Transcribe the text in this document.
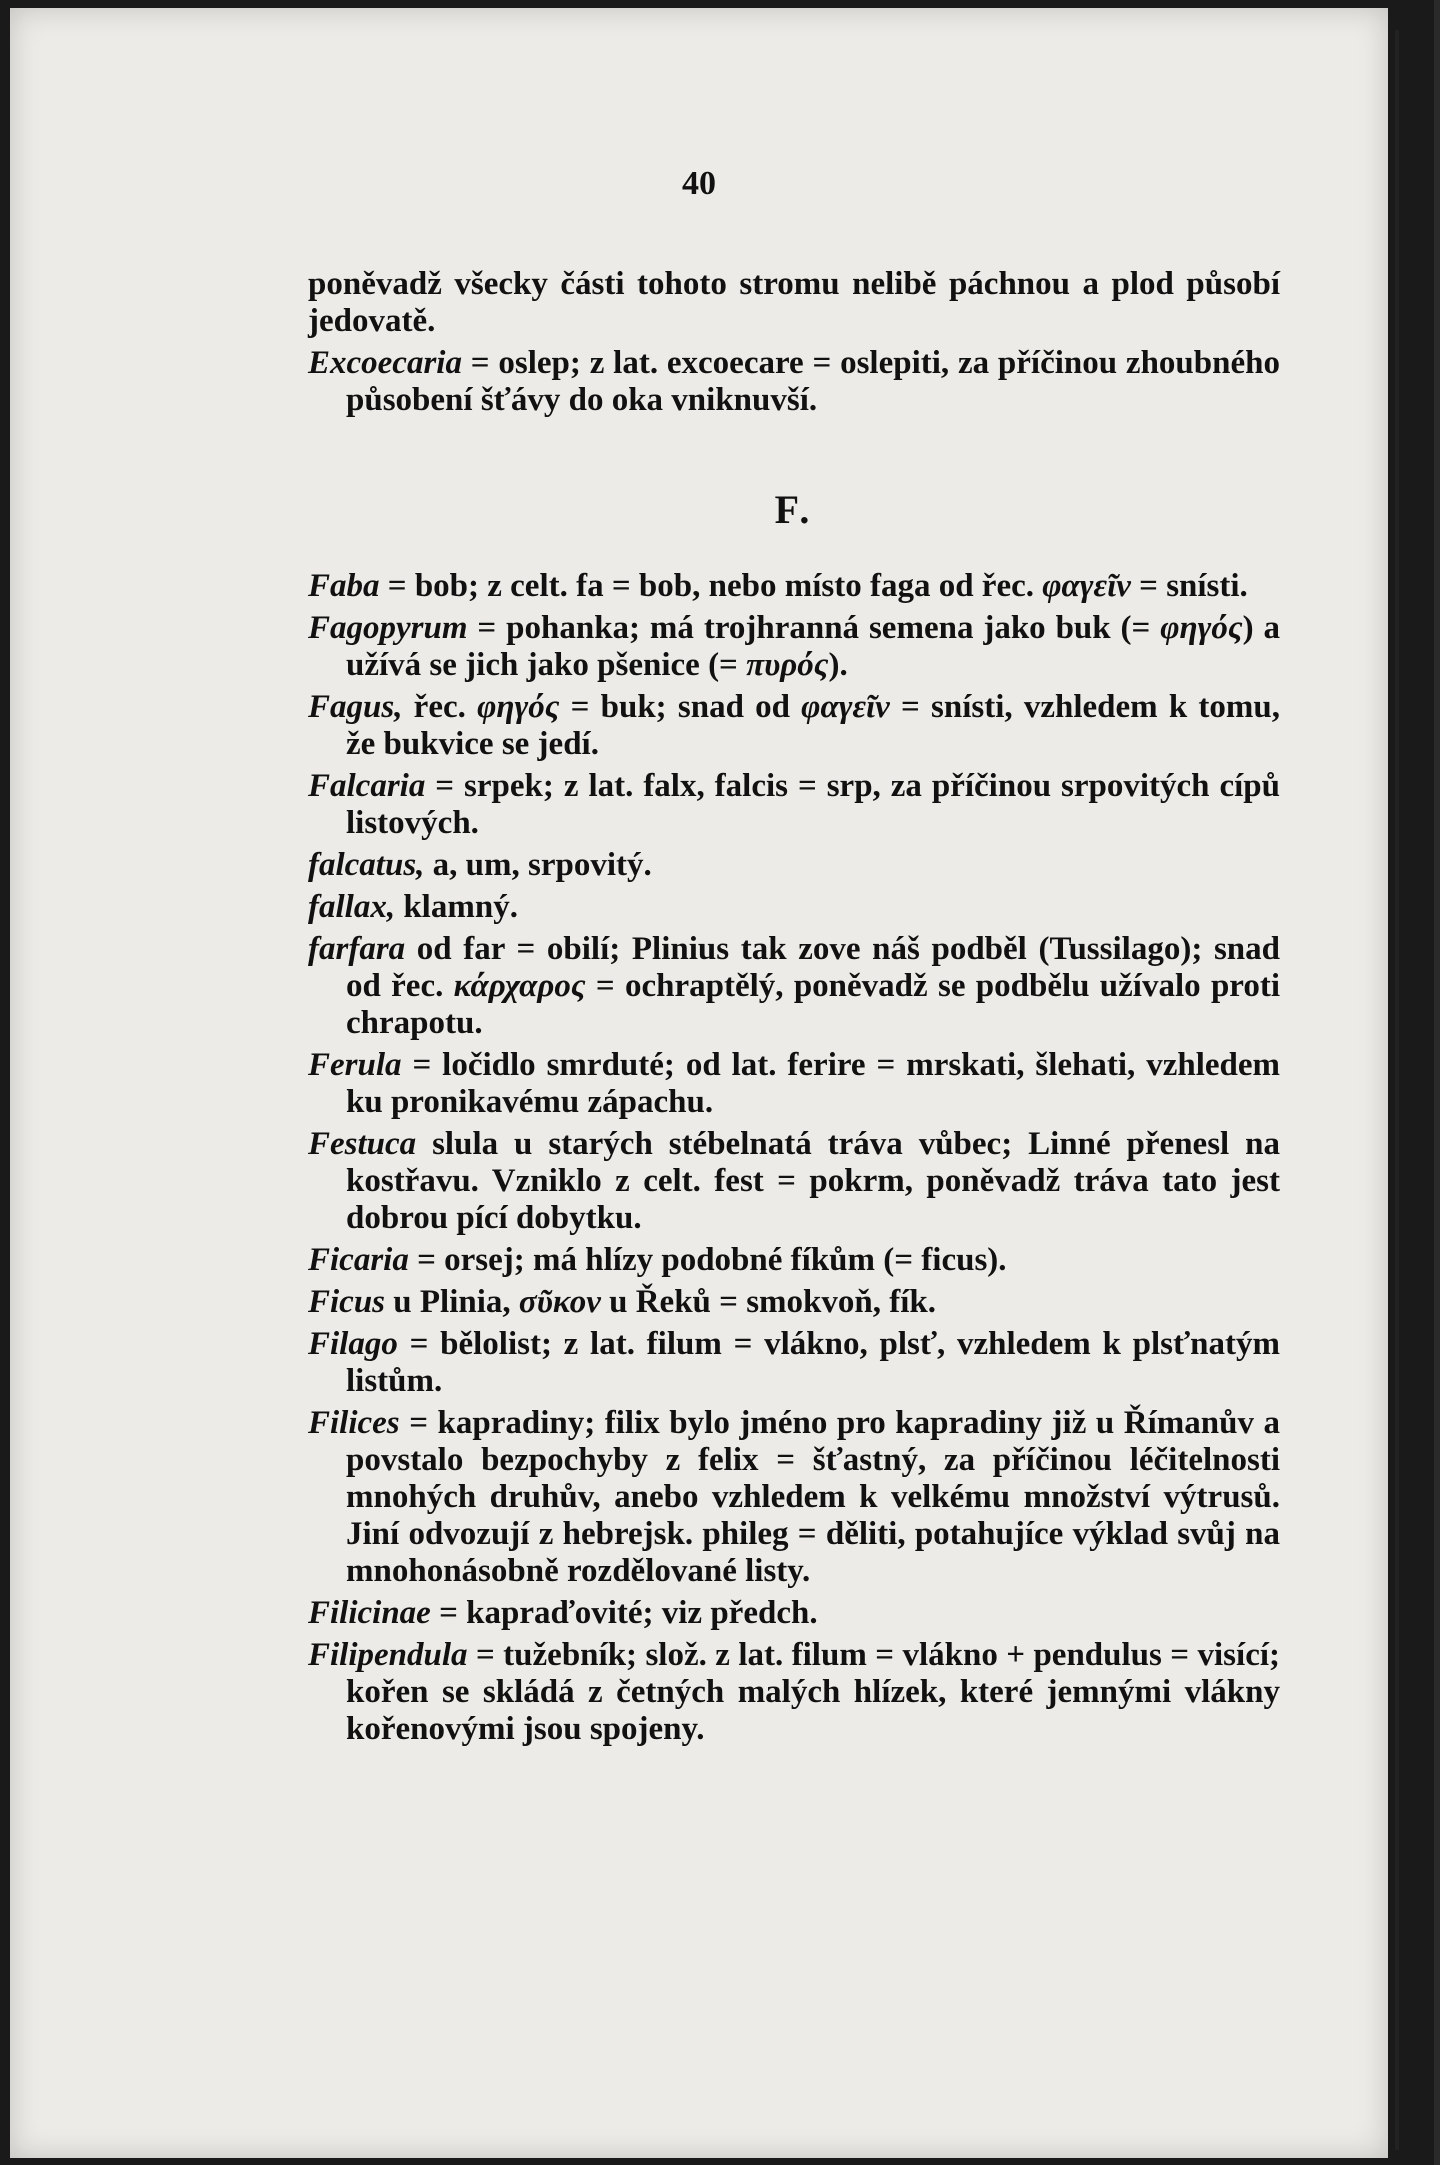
40

poněvadž všecky části tohoto stromu nelibě páchnou a plod působí jedovatě.

Excoecaria = oslep; z lat. excoecare = oslepiti, za příčinou zhoubného působení šťávy do oka vniknuvší.

F.

Faba = bob; z celt. fa = bob, nebo místo faga od řec. φαγεῖν = snísti.

Fagopyrum = pohanka; má trojhranná semena jako buk (= φηγός) a užívá se jich jako pšenice (= πυρός).

Fagus, řec. φηγός = buk; snad od φαγεῖν = snísti, vzhledem k tomu, že bukvice se jedí.

Falcaria = srpek; z lat. falx, falcis = srp, za příčinou srpovitých cípů listových.

falcatus, a, um, srpovitý.

fallax, klamný.

farfara od far = obilí; Plinius tak zove náš podběl (Tussilago); snad od řec. κάρχαρος = ochraptělý, poněvadž se podbělu užívalo proti chrapotu.

Ferula = ločidlo smrduté; od lat. ferire = mrskati, šlehati, vzhledem ku pronikavému zápachu.

Festuca slula u starých stébelnatá tráva vůbec; Linné přenesl na kostřavu. Vzniklo z celt. fest = pokrm, poněvadž tráva tato jest dobrou pící dobytku.

Ficaria = orsej; má hlízy podobné fíkům (= ficus).

Ficus u Plinia, σῦκον u Řeků = smokvoň, fík.

Filago = bělolist; z lat. filum = vlákno, plsť, vzhledem k plsťnatým listům.

Filices = kapradiny; filix bylo jméno pro kapradiny již u Římanův a povstalo bezpochyby z felix = šťastný, za příčinou léčitelnosti mnohých druhův, anebo vzhledem k velkému množství výtrusů. Jiní odvozují z hebrejsk. phileg = děliti, potahujíce výklad svůj na mnohonásobně rozdělované listy.

Filicinae = kapraďovité; viz předch.

Filipendula = tužebník; slož. z lat. filum = vlákno + pendulus = visící; kořen se skládá z četných malých hlízek, které jemnými vlákny kořenovými jsou spojeny.
